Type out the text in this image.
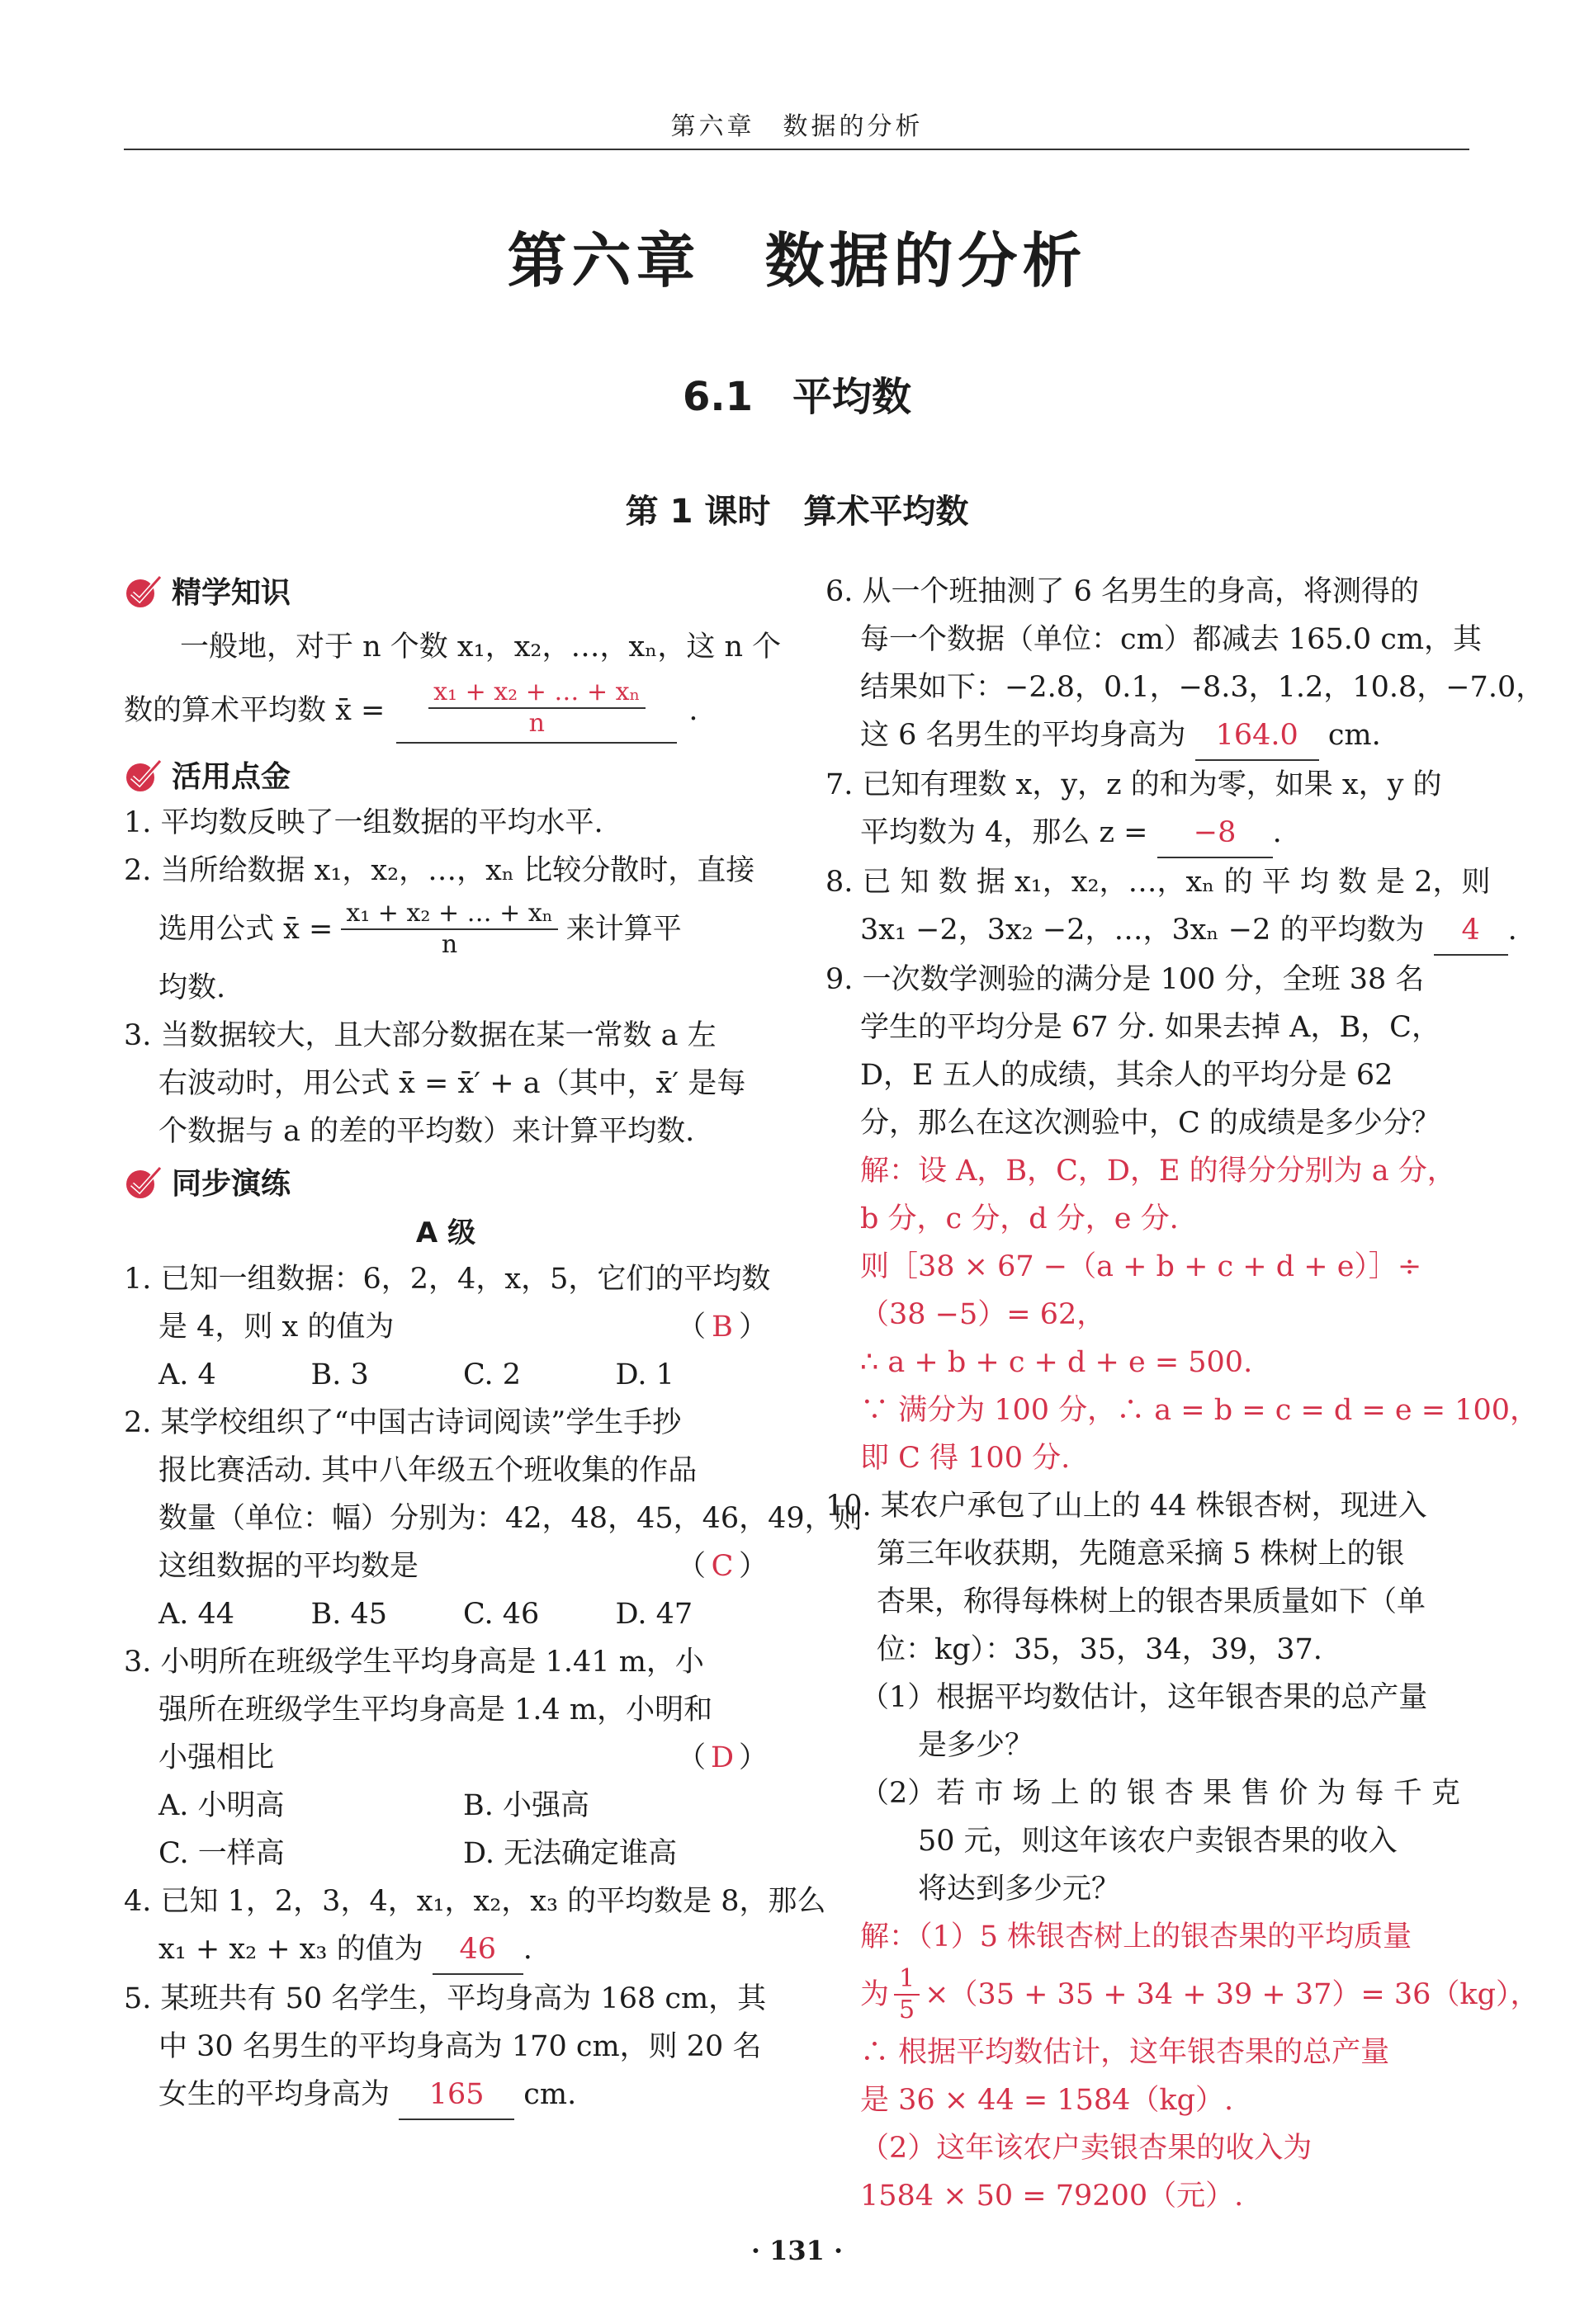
第六章　数据的分析
第六章　数据的分析
6.1　平均数
第 1 课时　算术平均数
精学知识
一般地，对于 n 个数 x₁，x₂，…，xₙ，这 n 个
数的算术平均数 x̄ = $\frac{\text{x₁ + x₂ + … + xₙ}}{n}$ .
活用点金
1. 平均数反映了一组数据的平均水平.
2. 当所给数据 x₁，x₂，…，xₙ 比较分散时，直接
选用公式 x̄ = $\frac{\text{x₁ + x₂ + … + xₙ}}{n}$ 来计算平
均数.
3. 当数据较大，且大部分数据在某一常数 a 左
右波动时，用公式 x̄ = x̄′ + a（其中，x̄′ 是每
个数据与 a 的差的平均数）来计算平均数.
同步演练
A 级
1. 已知一组数据：6，2，4，x，5，它们的平均数
是 4，则 x 的值为	（ B ）
A. 4	B. 3	C. 2	D. 1
2. 某学校组织了“中国古诗词阅读”学生手抄
报比赛活动. 其中八年级五个班收集的作品
数量（单位：幅）分别为：42，48，45，46，49，则
这组数据的平均数是	（ C ）
A. 44	B. 45	C. 46	D. 47
3. 小明所在班级学生平均身高是 1.41 m，小
强所在班级学生平均身高是 1.4 m，小明和
小强相比	（ D ）
A. 小明高	B. 小强高
C. 一样高	D. 无法确定谁高
4. 已知 1，2，3，4，x₁，x₂，x₃ 的平均数是 8，那么
x₁ + x₂ + x₃ 的值为 46 .
5. 某班共有 50 名学生，平均身高为 168 cm，其
中 30 名男生的平均身高为 170 cm，则 20 名
女生的平均身高为 165 cm.
6. 从一个班抽测了 6 名男生的身高，将测得的
每一个数据（单位：cm）都减去 165.0 cm，其
结果如下：−2.8，0.1，−8.3，1.2，10.8，−7.0，
这 6 名男生的平均身高为 164.0 cm.
7. 已知有理数 x，y，z 的和为零，如果 x，y 的
平均数为 4，那么 z = −8 .
8. 已 知 数 据 x₁，x₂，…，xₙ 的 平 均 数 是 2，则
3x₁ −2，3x₂ −2，…，3xₙ −2 的平均数为 4 .
9. 一次数学测验的满分是 100 分，全班 38 名
学生的平均分是 67 分. 如果去掉 A，B，C，
D，E 五人的成绩，其余人的平均分是 62
分，那么在这次测验中，C 的成绩是多少分？
解：设 A，B，C，D，E 的得分分别为 a 分，
b 分，c 分，d 分，e 分.
则［38 × 67 −（a + b + c + d + e）］÷
（38 −5）= 62，
∴ a + b + c + d + e = 500.
∵ 满分为 100 分，∴ a = b = c = d = e = 100，
即 C 得 100 分.
10. 某农户承包了山上的 44 株银杏树，现进入
第三年收获期，先随意采摘 5 株树上的银
杏果，称得每株树上的银杏果质量如下（单
位：kg）：35，35，34，39，37.
（1）根据平均数估计，这年银杏果的总产量
是多少？
（2）若 市 场 上 的 银 杏 果 售 价 为 每 千 克
50 元，则这年该农户卖银杏果的收入
将达到多少元？
解：（1）5 株银杏树上的银杏果的平均质量
为 $\frac{1}{5} \times(35 + 35 + 34 + 39 + 37)= 36(kg)$，
∴ 根据平均数估计，这年银杏果的总产量
是 36 × 44 = 1584（kg）.
（2）这年该农户卖银杏果的收入为
1584 × 50 = 79200（元）.
· 131 ·
